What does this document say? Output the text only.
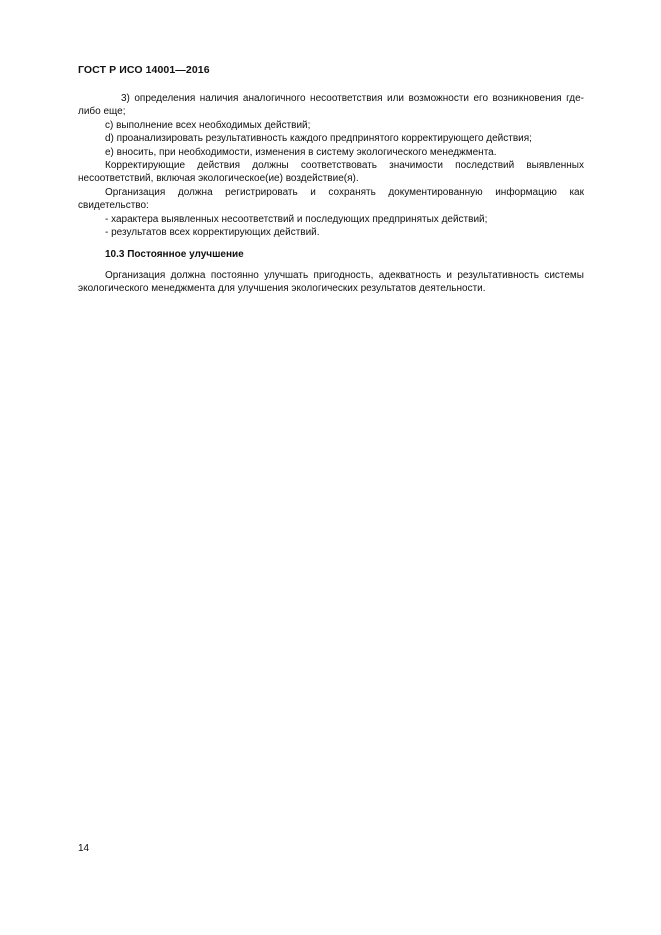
ГОСТ Р ИСО 14001—2016

3) определения наличия аналогичного несоответствия или возможности его возникновения где-либо еще;

c) выполнение всех необходимых действий;

d) проанализировать результативность каждого предпринятого корректирующего действия;

e) вносить, при необходимости, изменения в систему экологического менеджмента.

Корректирующие действия должны соответствовать значимости последствий выявленных несоответствий, включая экологическое(ие) воздействие(я).

Организация должна регистрировать и сохранять документированную информацию как свидетельство:

- характера выявленных несоответствий и последующих предпринятых действий;

- результатов всех корректирующих действий.

10.3 Постоянное улучшение

Организация должна постоянно улучшать пригодность, адекватность и результативность системы экологического менеджмента для улучшения экологических результатов деятельности.

14
